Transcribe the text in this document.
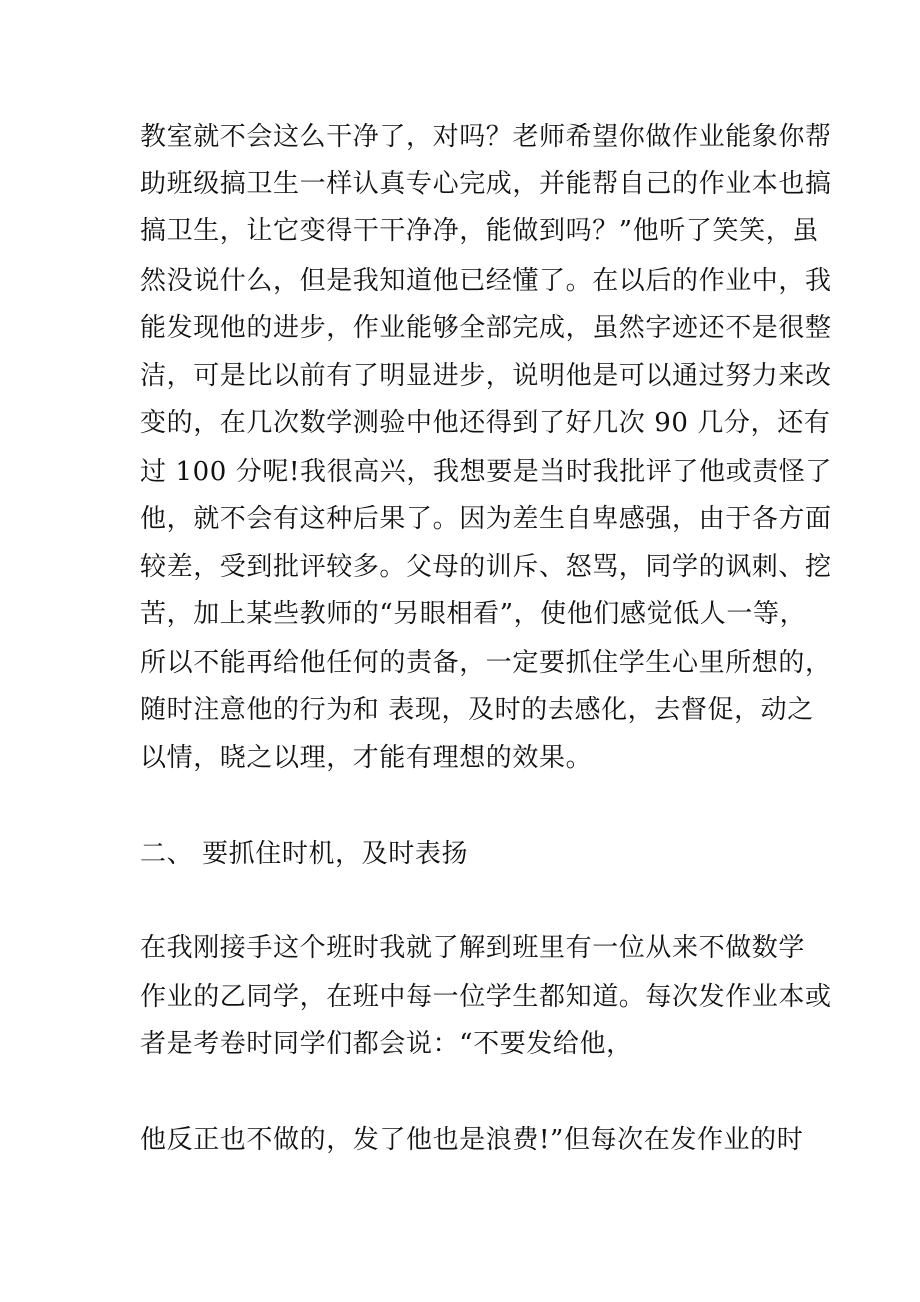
教室就不会这么干净了，对吗？老师希望你做作业能象你帮
助班级搞卫生一样认真专心完成，并能帮自己的作业本也搞
搞卫生，让它变得干干净净，能做到吗？”他听了笑笑，虽
然没说什么，但是我知道他已经懂了。在以后的作业中，我
能发现他的进步，作业能够全部完成，虽然字迹还不是很整
洁，可是比以前有了明显进步，说明他是可以通过努力来改
变的，在几次数学测验中他还得到了好几次 90 几分，还有
过 100 分呢!我很高兴，我想要是当时我批评了他或责怪了
他，就不会有这种后果了。因为差生自卑感强，由于各方面
较差，受到批评较多。父母的训斥、怒骂，同学的讽刺、挖
苦，加上某些教师的“另眼相看”，使他们感觉低人一等，
所以不能再给他任何的责备，一定要抓住学生心里所想的，
随时注意他的行为和 表现，及时的去感化，去督促，动之
以情，晓之以理，才能有理想的效果。
二、 要抓住时机，及时表扬
在我刚接手这个班时我就了解到班里有一位从来不做数学
作业的乙同学，在班中每一位学生都知道。每次发作业本或
者是考卷时同学们都会说：“不要发给他，
他反正也不做的，发了他也是浪费!”但每次在发作业的时
